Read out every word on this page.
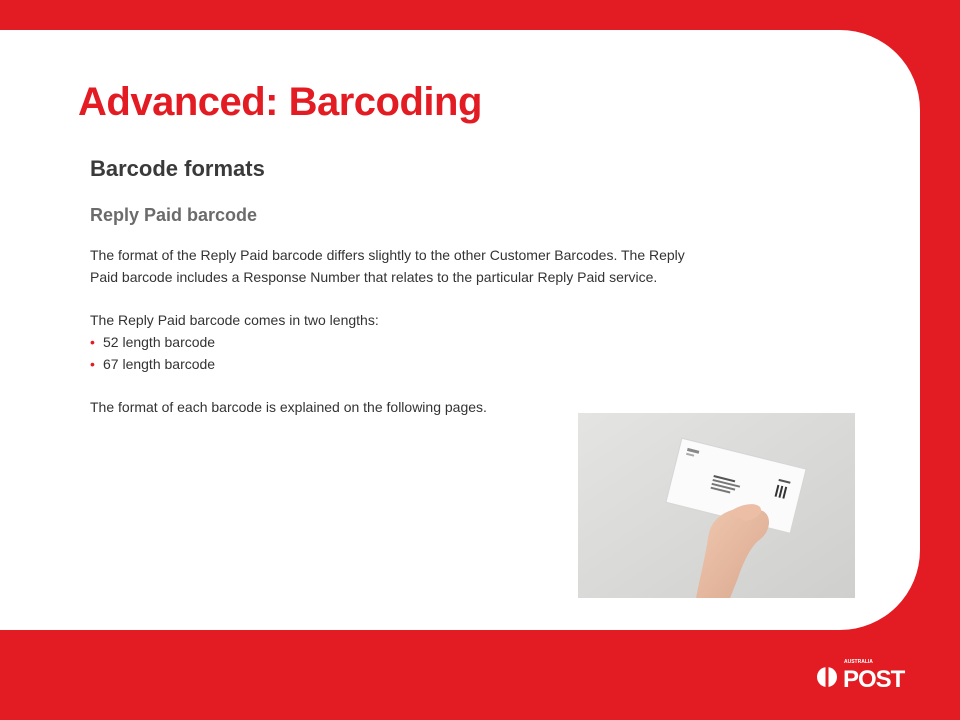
Advanced: Barcoding
Barcode formats
Reply Paid barcode

The format of the Reply Paid barcode differs slightly to the other Customer Barcodes. The Reply Paid barcode includes a Response Number that relates to the particular Reply Paid service.

The Reply Paid barcode comes in two lengths:

• 52 length barcode
• 67 length barcode

The format of each barcode is explained on the following pages.

AUSTRALIA
POST
